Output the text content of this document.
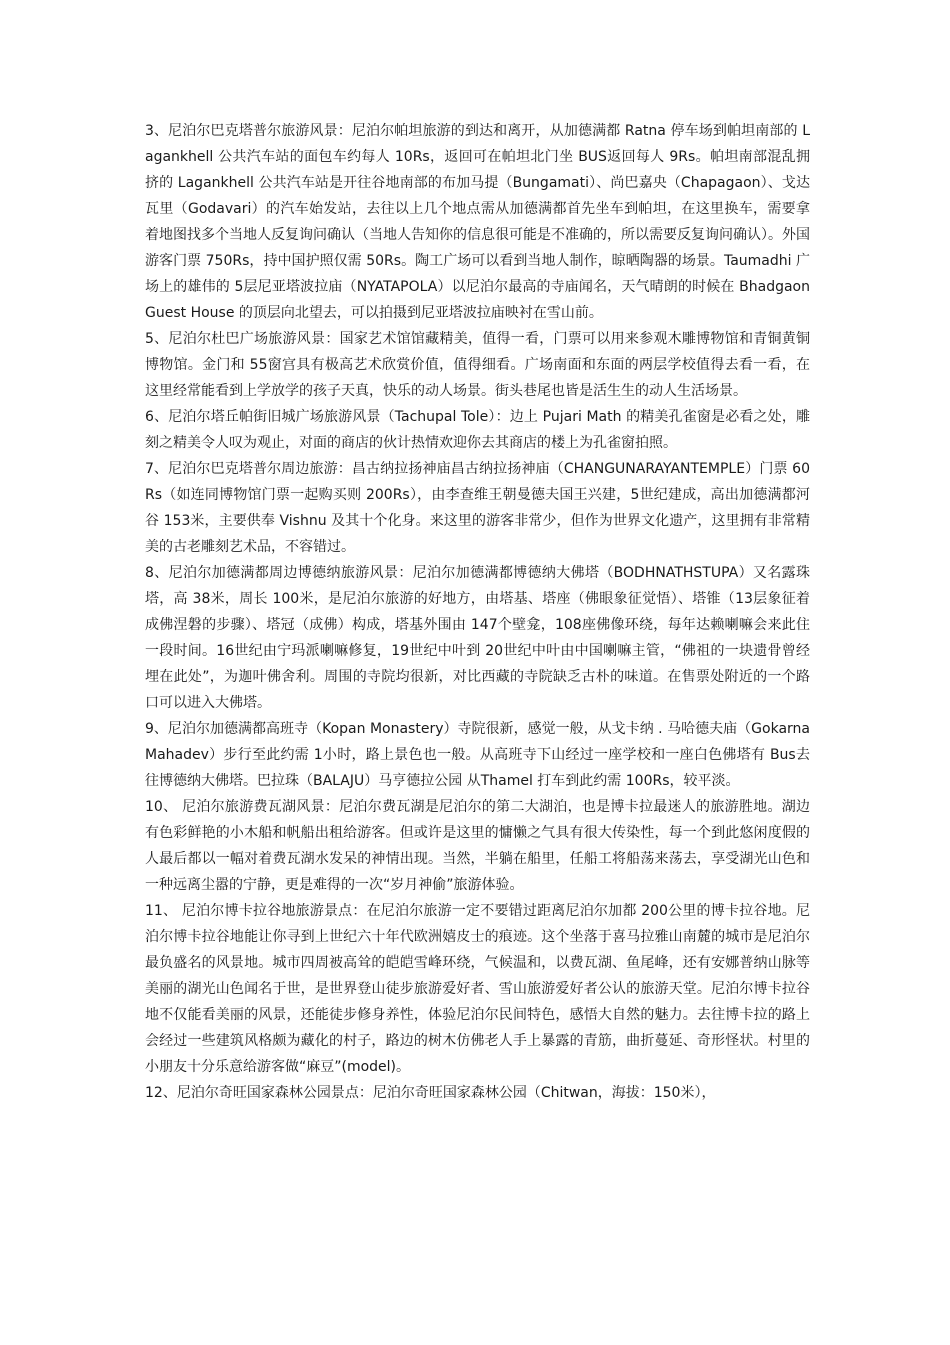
3、尼泊尔巴克塔普尔旅游风景：尼泊尔帕坦旅游的到达和离开，从加德满都 Ratna 停车场到帕坦南部的 Lagankhell 公共汽车站的面包车约每人 10Rs，返回可在帕坦北门坐 BUS返回每人 9Rs。帕坦南部混乱拥挤的 Lagankhell 公共汽车站是开往谷地南部的布加马提（Bungamati）、尚巴嘉央（Chapagaon）、戈达瓦里（Godavari）的汽车始发站，去往以上几个地点需从加德满都首先坐车到帕坦，在这里换车，需要拿着地图找多个当地人反复询问确认（当地人告知你的信息很可能是不准确的，所以需要反复询问确认）。外国游客门票 750Rs，持中国护照仅需 50Rs。陶工广场可以看到当地人制作，晾晒陶器的场景。Taumadhi 广场上的雄伟的 5层尼亚塔波拉庙（NYATAPOLA）以尼泊尔最高的寺庙闻名，天气晴朗的时候在 Bhadgaon Guest House 的顶层向北望去，可以拍摄到尼亚塔波拉庙映衬在雪山前。

5、尼泊尔杜巴广场旅游风景：国家艺术馆馆藏精美，值得一看，门票可以用来参观木雕博物馆和青铜黄铜博物馆。金门和 55窗宫具有极高艺术欣赏价值，值得细看。广场南面和东面的两层学校值得去看一看，在这里经常能看到上学放学的孩子天真，快乐的动人场景。街头巷尾也皆是活生生的动人生活场景。

6、尼泊尔塔丘帕街旧城广场旅游风景（Tachupal Tole）：边上 Pujari Math 的精美孔雀窗是必看之处，雕刻之精美令人叹为观止，对面的商店的伙计热情欢迎你去其商店的楼上为孔雀窗拍照。

7、尼泊尔巴克塔普尔周边旅游：昌古纳拉扬神庙昌古纳拉扬神庙（CHANGUNARAYANTEMPLE）门票 60Rs（如连同博物馆门票一起购买则 200Rs），由李查维王朝曼德夫国王兴建，5世纪建成，高出加德满都河谷 153米，主要供奉 Vishnu 及其十个化身。来这里的游客非常少，但作为世界文化遗产，这里拥有非常精美的古老雕刻艺术品，不容错过。

8、尼泊尔加德满都周边博德纳旅游风景：尼泊尔加德满都博德纳大佛塔（BODHNATHSTUPA）又名露珠塔，高 38米，周长 100米，是尼泊尔旅游的好地方，由塔基、塔座（佛眼象征觉悟）、塔锥（13层象征着成佛涅磐的步骤）、塔冠（成佛）构成，塔基外围由 147个壁龛，108座佛像环绕，每年达赖喇嘛会来此住一段时间。16世纪由宁玛派喇嘛修复，19世纪中叶到 20世纪中叶由中国喇嘛主管，“佛祖的一块遗骨曾经埋在此处”，为迦叶佛舍利。周围的寺院均很新，对比西藏的寺院缺乏古朴的味道。在售票处附近的一个路口可以进入大佛塔。

9、尼泊尔加德满都高班寺（Kopan Monastery）寺院很新，感觉一般，从戈卡纳 . 马哈德夫庙（Gokarna Mahadev）步行至此约需 1小时，路上景色也一般。从高班寺下山经过一座学校和一座白色佛塔有 Bus去往博德纳大佛塔。巴拉珠（BALAJU）马亨德拉公园 从Thamel 打车到此约需 100Rs，较平淡。

10、 尼泊尔旅游费瓦湖风景：尼泊尔费瓦湖是尼泊尔的第二大湖泊，也是博卡拉最迷人的旅游胜地。湖边有色彩鲜艳的小木船和帆船出租给游客。但或许是这里的慵懒之气具有很大传染性，每一个到此悠闲度假的人最后都以一幅对着费瓦湖水发呆的神情出现。当然，半躺在船里，任船工将船荡来荡去，享受湖光山色和一种远离尘嚣的宁静，更是难得的一次“岁月神偷”旅游体验。

11、 尼泊尔博卡拉谷地旅游景点：在尼泊尔旅游一定不要错过距离尼泊尔加都 200公里的博卡拉谷地。尼泊尔博卡拉谷地能让你寻到上世纪六十年代欧洲嬉皮士的痕迹。这个坐落于喜马拉雅山南麓的城市是尼泊尔最负盛名的风景地。城市四周被高耸的皑皑雪峰环绕，气候温和，以费瓦湖、鱼尾峰，还有安娜普纳山脉等美丽的湖光山色闻名于世，是世界登山徒步旅游爱好者、雪山旅游爱好者公认的旅游天堂。尼泊尔博卡拉谷地不仅能看美丽的风景，还能徒步修身养性，体验尼泊尔民间特色，感悟大自然的魅力。去往博卡拉的路上会经过一些建筑风格颇为藏化的村子，路边的树木仿佛老人手上暴露的青筋，曲折蔓延、奇形怪状。村里的小朋友十分乐意给游客做“麻豆”(model)。

12、尼泊尔奇旺国家森林公园景点：尼泊尔奇旺国家森林公园（Chitwan，海拔：150米），
